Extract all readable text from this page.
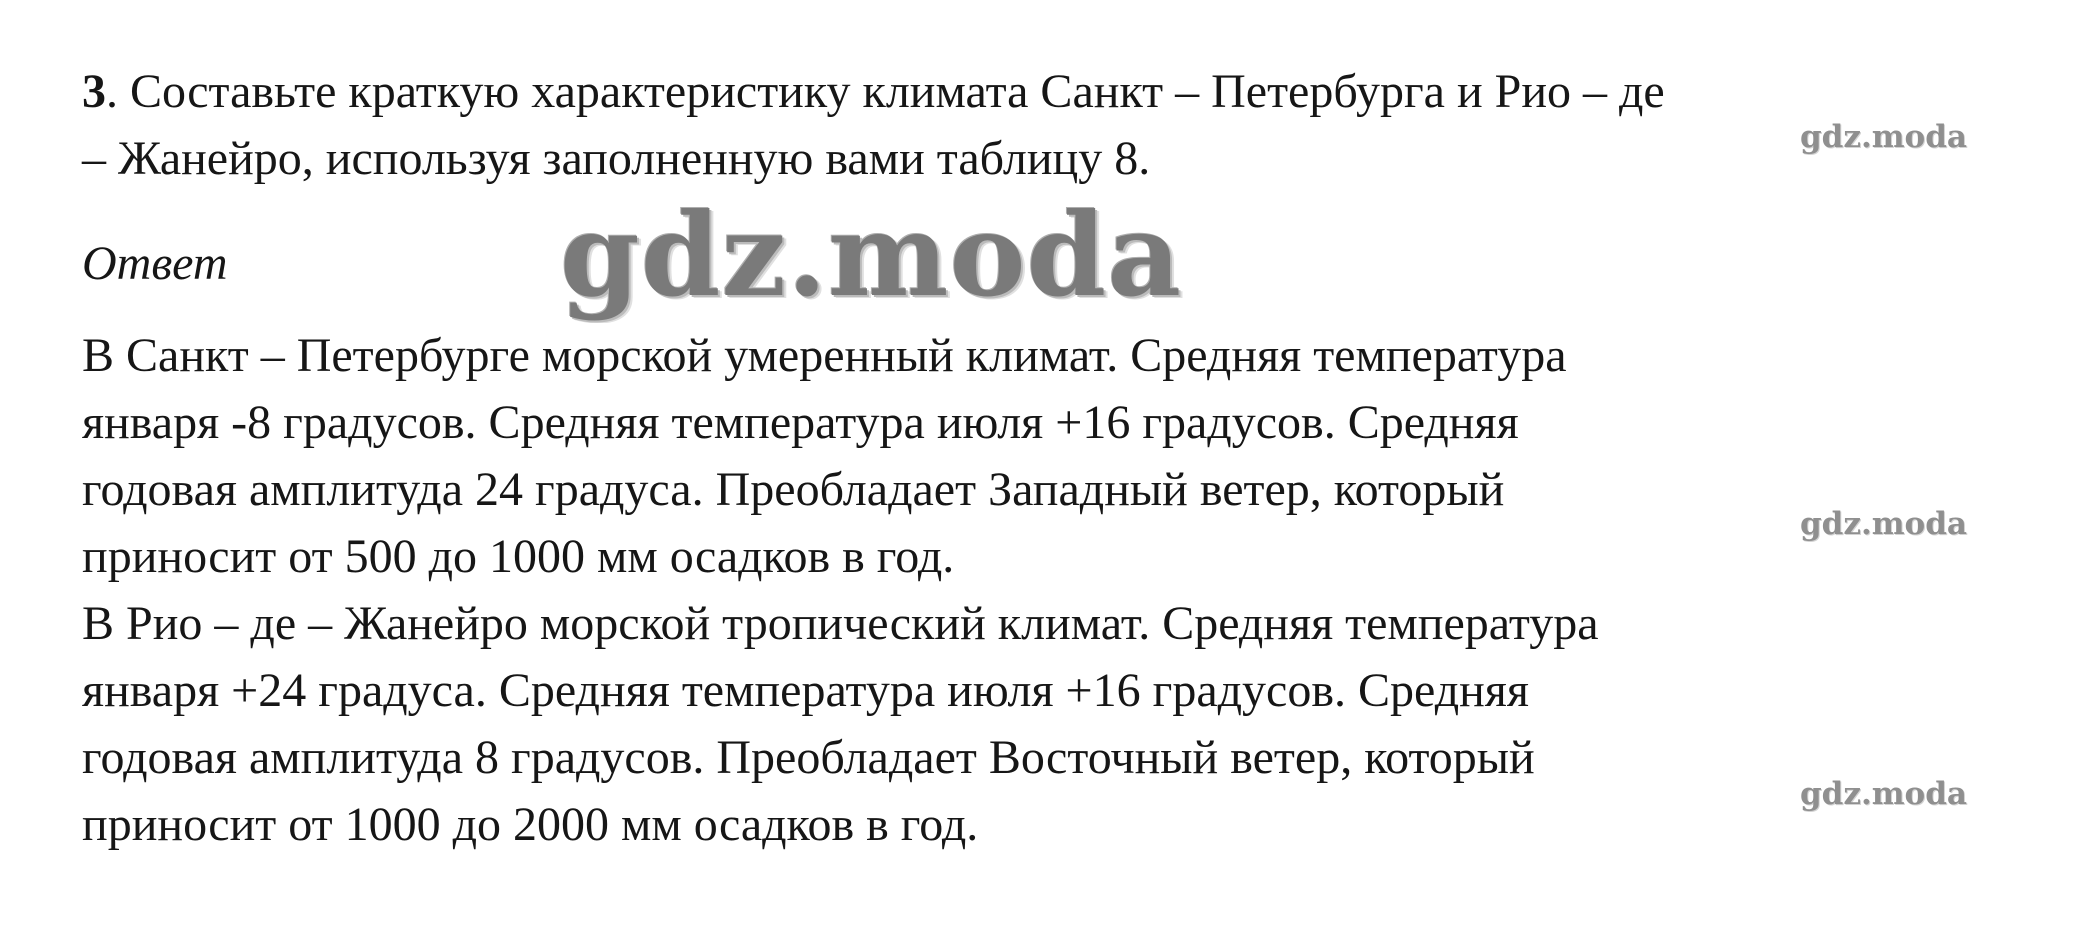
3. Составьте краткую характеристику климата Санкт – Петербурга и Рио – де
– Жанейро, используя заполненную вами таблицу 8.
Ответ	gdz.moda
В Санкт – Петербурге морской умеренный климат. Средняя температура
января -8 градусов. Средняя температура июля +16 градусов. Средняя
годовая амплитуда 24 градуса. Преобладает Западный ветер, который
приносит от 500 до 1000 мм осадков в год.
В Рио – де – Жанейро морской тропический климат. Средняя температура
января +24 градуса. Средняя температура июля +16 градусов. Средняя
годовая амплитуда 8 градусов. Преобладает Восточный ветер, который
приносит от 1000 до 2000 мм осадков в год.
gdz.moda
gdz.moda
gdz.moda
